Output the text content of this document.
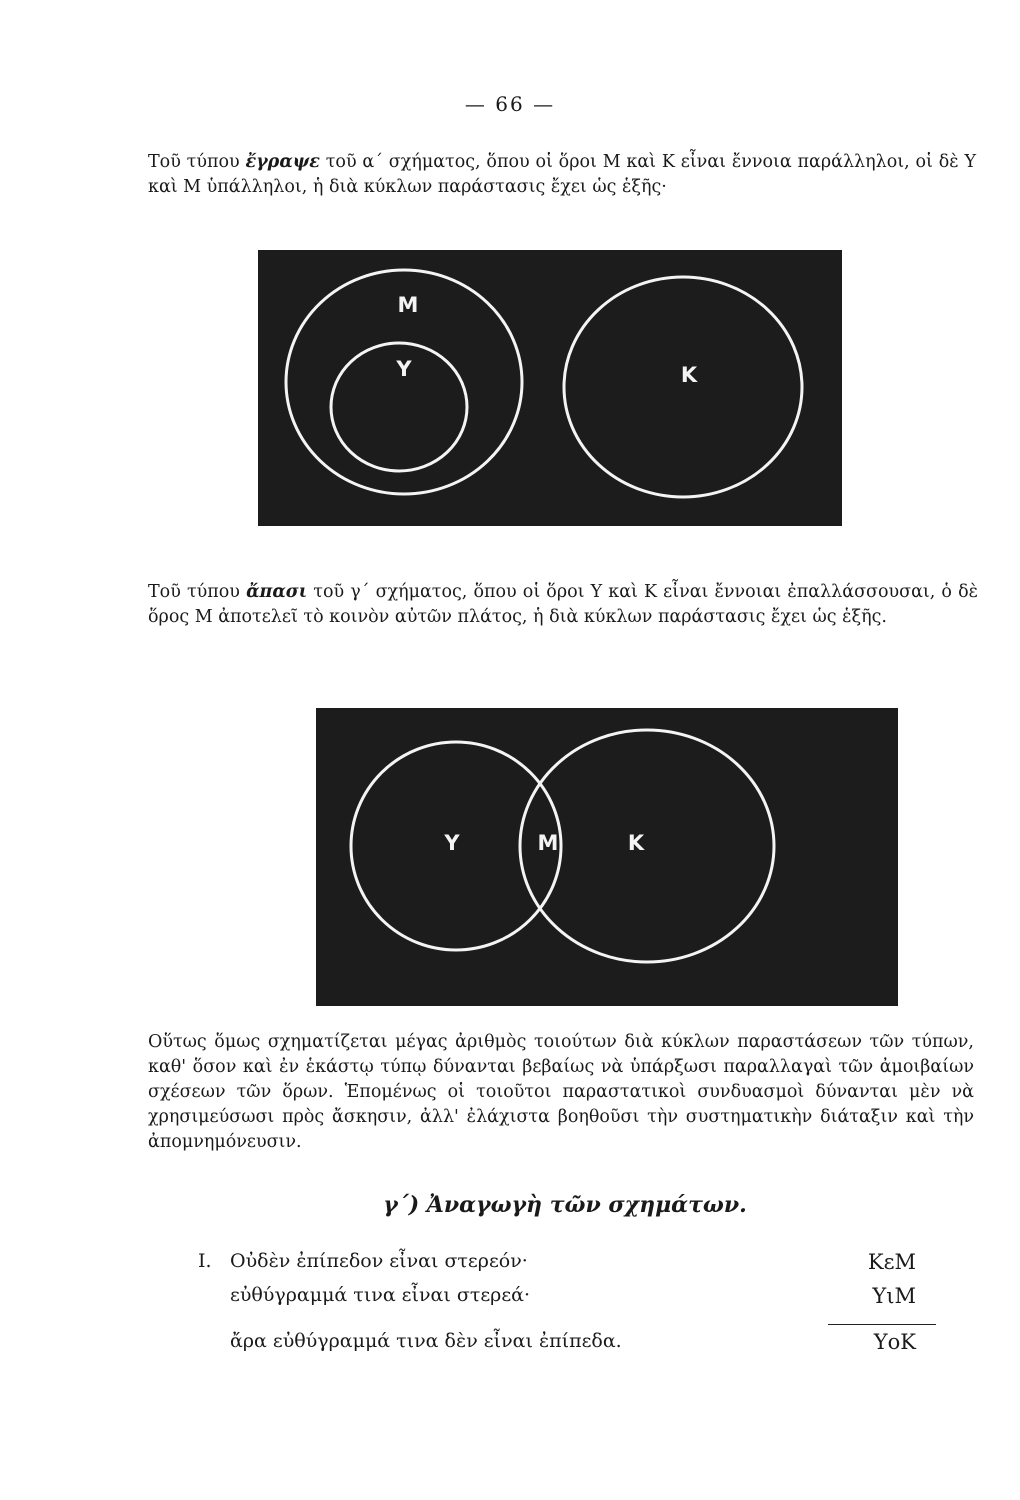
— 66 —

Τοῦ τύπου ἔγραψε τοῦ α΄ σχήματος, ὅπου οἱ ὅροι Μ καὶ Κ εἶναι ἔννοια παράλληλοι, οἱ δὲ Υ καὶ Μ ὑπάλληλοι, ἡ διὰ κύκλων παράστασις ἔχει ὡς ἑξῆς·

M
Y	K

Τοῦ τύπου ἄπασι τοῦ γ΄ σχήματος, ὅπου οἱ ὅροι Υ καὶ Κ εἶναι ἔννοιαι ἐπαλλάσσουσαι, ὁ δὲ ὅρος Μ ἀποτελεῖ τὸ κοινὸν αὐτῶν πλάτος, ἡ διὰ κύκλων παράστασις ἔχει ὡς ἑξῆς.

Y	M	K

Οὕτως ὅμως σχηματίζεται μέγας ἀριθμὸς τοιούτων διὰ κύκλων παραστάσεων τῶν τύπων, καθ' ὅσον καὶ ἐν ἑκάστῳ τύπῳ δύνανται βεβαίως νὰ ὑπάρξωσι παραλλαγαὶ τῶν ἀμοιβαίων σχέσεων τῶν ὅρων. Ἑπομένως οἱ τοιοῦτοι παραστατικοὶ συνδυασμοὶ δύνανται μὲν νὰ χρησιμεύσωσι πρὸς ἄσκησιν, ἀλλ' ἐλάχιστα βοηθοῦσι τὴν συστηματικὴν διάταξιν καὶ τὴν ἀπομνημόνευσιν.

γ΄) Ἀναγωγὴ τῶν σχημάτων.
I. Οὐδὲν ἐπίπεδον εἶναι στερεόν·	ΚεΜ
εὐθύγραμμά τινα εἶναι στερεά·	ΥιΜ
ἄρα εὐθύγραμμά τινα δὲν εἶναι ἐπίπεδα.	ΥοΚ
